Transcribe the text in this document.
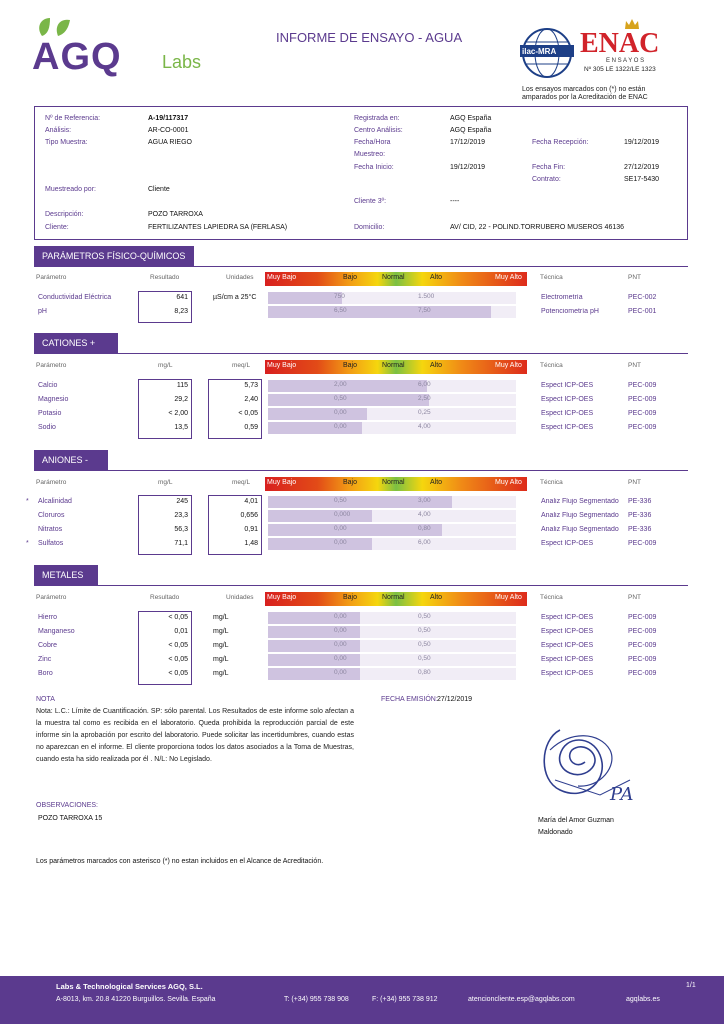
AGQ Labs
INFORME DE ENSAYO - AGUA
ilac-MRA ENAC
E N S A Y O S
Nº 305 LE 1322/LE 1323
Los ensayos marcados con (*) no están
amparados por la Acreditación de ENAC
Nº de Referencia:	A-19/117317
Análisis:	AR-CO-0001
Tipo Muestra:	AGUA RIEGO
Muestreado por:	Cliente
Descripción:	POZO TARROXA
Cliente:	FERTILIZANTES LAPIEDRA SA (FERLASA)
Registrada en:	AGQ España
Centro Análisis:	AGQ España
Fecha/Hora	17/12/2019
Muestreo:
Fecha Inicio:	19/12/2019
Cliente 3º:	----
Domicilio:	AV/ CID, 22 - POLIND.TORRUBERO MUSEROS 46136
Fecha Recepción:	19/12/2019
Fecha Fin:	27/12/2019
Contrato:	SE17-5430
PARÁMETROS FÍSICO-QUÍMICOS
Parámetro	Resultado	Unidades	Técnica	PNT
Muy Bajo	Bajo	Normal	Alto	Muy Alto
Conductividad Eléctrica	641	µS/cm a 25°C	750	1.500	Electrometría	PEC-002
pH	8,23	6,50	7,50	Potenciometría pH	PEC-001
CATIONES +
Parámetro	mg/L	meq/L	Técnica	PNT
Muy Bajo	Bajo	Normal	Alto	Muy Alto
Calcio	115	5,73	2,00	6,00	Espect ICP-OES	PEC-009
Magnesio	29,2	2,40	0,50	2,50	Espect ICP-OES	PEC-009
Potasio	< 2,00	< 0,05	0,00	0,25	Espect ICP-OES	PEC-009
Sodio	13,5	0,59	0,00	4,00	Espect ICP-OES	PEC-009
ANIONES -
Parámetro	mg/L	meq/L	Técnica	PNT
Muy Bajo	Bajo	Normal	Alto	Muy Alto
* Alcalinidad	245	4,01	0,50	3,00	Analiz Flujo Segmentado	PE-336
Cloruros	23,3	0,656	0,000	4,00	Analiz Flujo Segmentado	PE-336
Nitratos	56,3	0,91	0,00	0,80	Analiz Flujo Segmentado	PE-336
* Sulfatos	71,1	1,48	0,00	6,00	Espect ICP-OES	PEC-009
METALES
Parámetro	Resultado	Unidades	Técnica	PNT
Muy Bajo	Bajo	Normal	Alto	Muy Alto
Hierro	< 0,05	mg/L	0,00	0,50	Espect ICP-OES	PEC-009
Manganeso	0,01	mg/L	0,00	0,50	Espect ICP-OES	PEC-009
Cobre	< 0,05	mg/L	0,00	0,50	Espect ICP-OES	PEC-009
Zinc	< 0,05	mg/L	0,00	0,50	Espect ICP-OES	PEC-009
Boro	< 0,05	mg/L	0,00	0,80	Espect ICP-OES	PEC-009
NOTA
Nota: L.C.: Límite de Cuantificación. SP: sólo parental. Los Resultados de este informe solo afectan a la muestra tal como es recibida en el laboratorio. Queda prohibida la reproducción parcial de este informe sin la aprobación por escrito del laboratorio. Puede solicitar las incertidumbres, cuando estas no aparezcan en el informe. El cliente proporciona todos los datos asociados a la Toma de Muestras, cuando esta ha sido realizada por él . N/L: No Legislado.
FECHA EMISIÓN: 27/12/2019
OBSERVACIONES:
POZO TARROXA 15
PA
María del Amor Guzman
Maldonado
Los parámetros marcados con asterisco (*) no estan incluidos en el Alcance de Acreditación.
Labs & Technological Services AGQ, S.L.	1/1
A-8013, km. 20.8 41220 Burguillos. Sevilla. España	T: (+34) 955 738 908	F: (+34) 955 738 912	atencioncliente.esp@agqlabs.com	agqlabs.es
